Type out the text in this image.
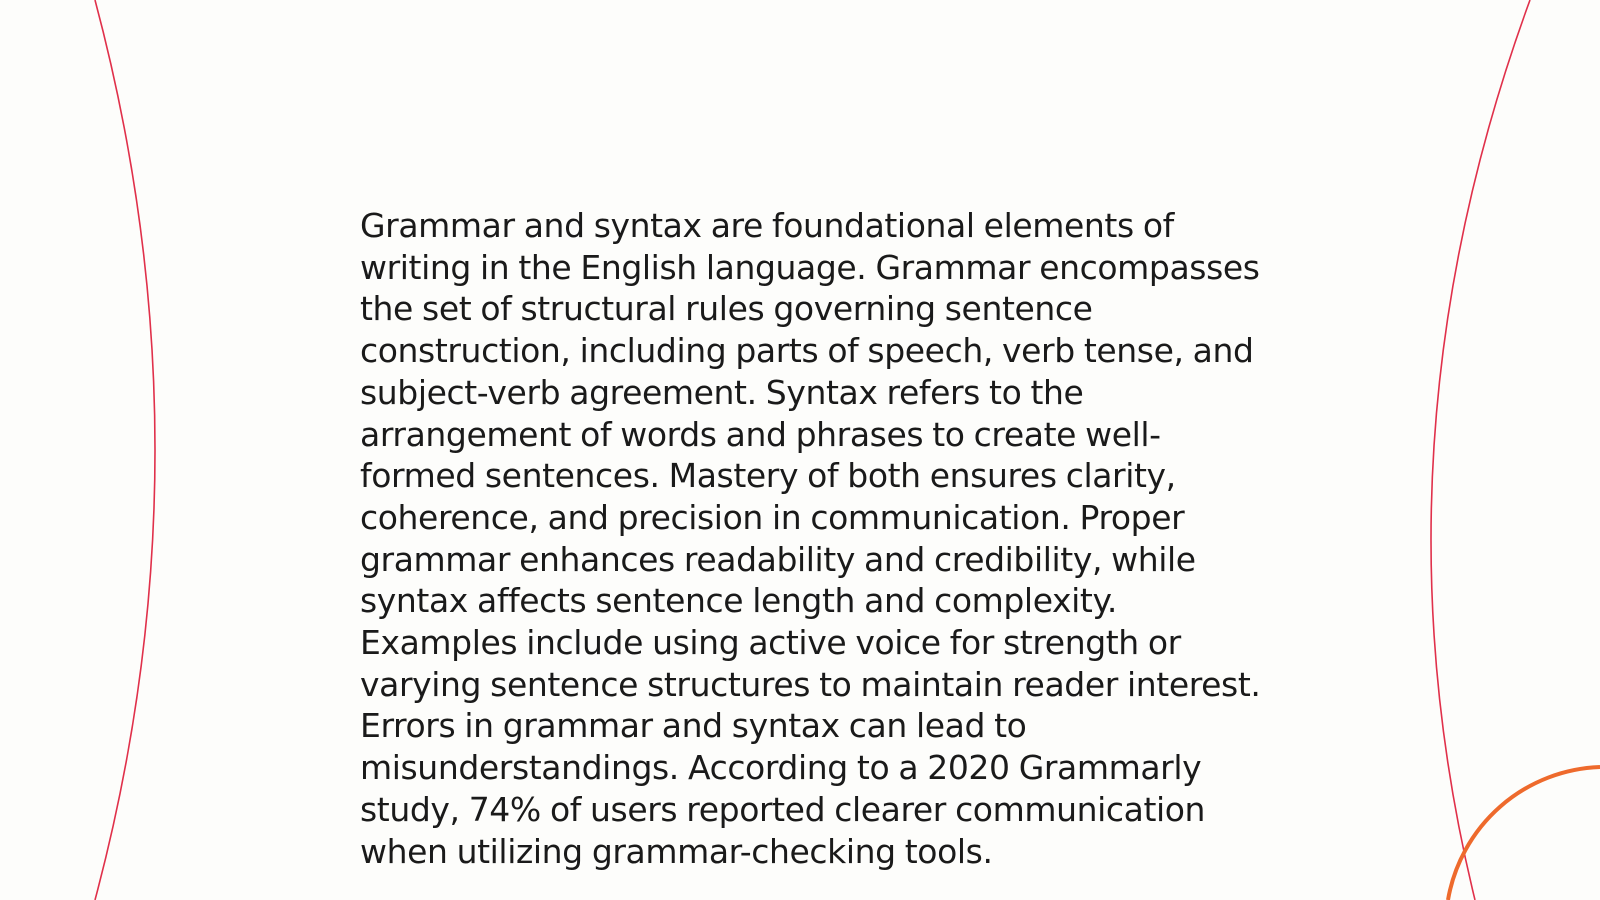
Grammar and syntax are foundational elements of writing in the English language. Grammar encompasses the set of structural rules governing sentence construction, including parts of speech, verb tense, and subject-verb agreement. Syntax refers to the arrangement of words and phrases to create well-formed sentences. Mastery of both ensures clarity, coherence, and precision in communication. Proper grammar enhances readability and credibility, while syntax affects sentence length and complexity. Examples include using active voice for strength or varying sentence structures to maintain reader interest. Errors in grammar and syntax can lead to misunderstandings. According to a 2020 Grammarly study, 74% of users reported clearer communication when utilizing grammar-checking tools.
